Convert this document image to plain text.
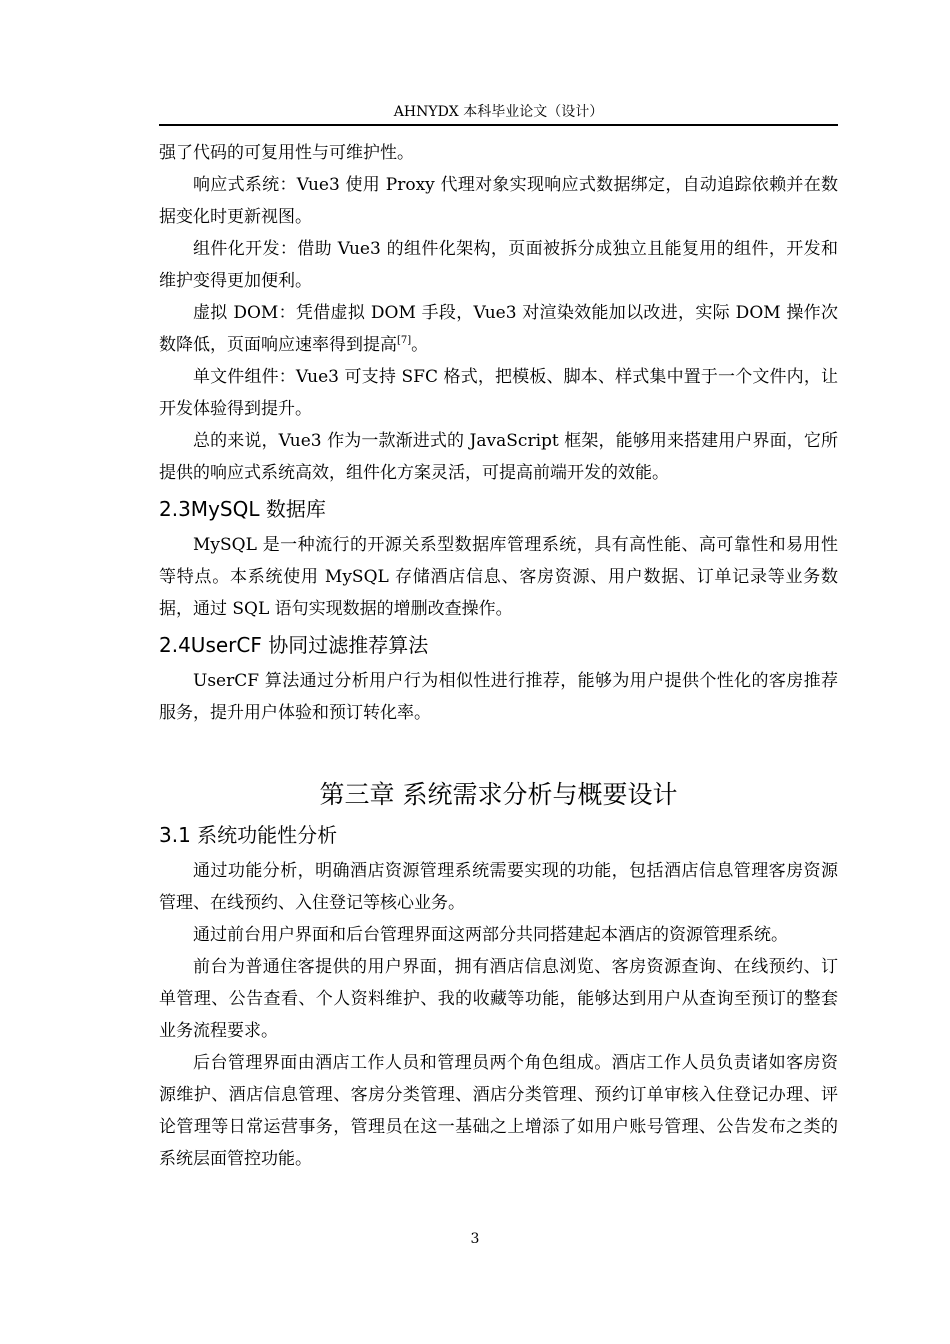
AHNYDX 本科毕业论文（设计）

强了代码的可复用性与可维护性。

响应式系统：Vue3 使用 Proxy 代理对象实现响应式数据绑定，自动追踪依赖并在数据变化时更新视图。

组件化开发：借助 Vue3 的组件化架构，页面被拆分成独立且能复用的组件，开发和维护变得更加便利。

虚拟 DOM：凭借虚拟 DOM 手段，Vue3 对渲染效能加以改进，实际 DOM 操作次数降低，页面响应速率得到提高[7]。

单文件组件：Vue3 可支持 SFC 格式，把模板、脚本、样式集中置于一个文件内，让开发体验得到提升。

总的来说，Vue3 作为一款渐进式的 JavaScript 框架，能够用来搭建用户界面，它所提供的响应式系统高效，组件化方案灵活，可提高前端开发的效能。

2.3MySQL 数据库

MySQL 是一种流行的开源关系型数据库管理系统，具有高性能、高可靠性和易用性等特点。本系统使用 MySQL 存储酒店信息、客房资源、用户数据、订单记录等业务数据，通过 SQL 语句实现数据的增删改查操作。

2.4UserCF 协同过滤推荐算法

UserCF 算法通过分析用户行为相似性进行推荐，能够为用户提供个性化的客房推荐服务，提升用户体验和预订转化率。

第三章 系统需求分析与概要设计
3.1 系统功能性分析

通过功能分析，明确酒店资源管理系统需要实现的功能，包括酒店信息管理客房资源管理、在线预约、入住登记等核心业务。

通过前台用户界面和后台管理界面这两部分共同搭建起本酒店的资源管理系统。

前台为普通住客提供的用户界面，拥有酒店信息浏览、客房资源查询、在线预约、订单管理、公告查看、个人资料维护、我的收藏等功能，能够达到用户从查询至预订的整套业务流程要求。

后台管理界面由酒店工作人员和管理员两个角色组成。酒店工作人员负责诸如客房资源维护、酒店信息管理、客房分类管理、酒店分类管理、预约订单审核入住登记办理、评论管理等日常运营事务，管理员在这一基础之上增添了如用户账号管理、公告发布之类的系统层面管控功能。

3
